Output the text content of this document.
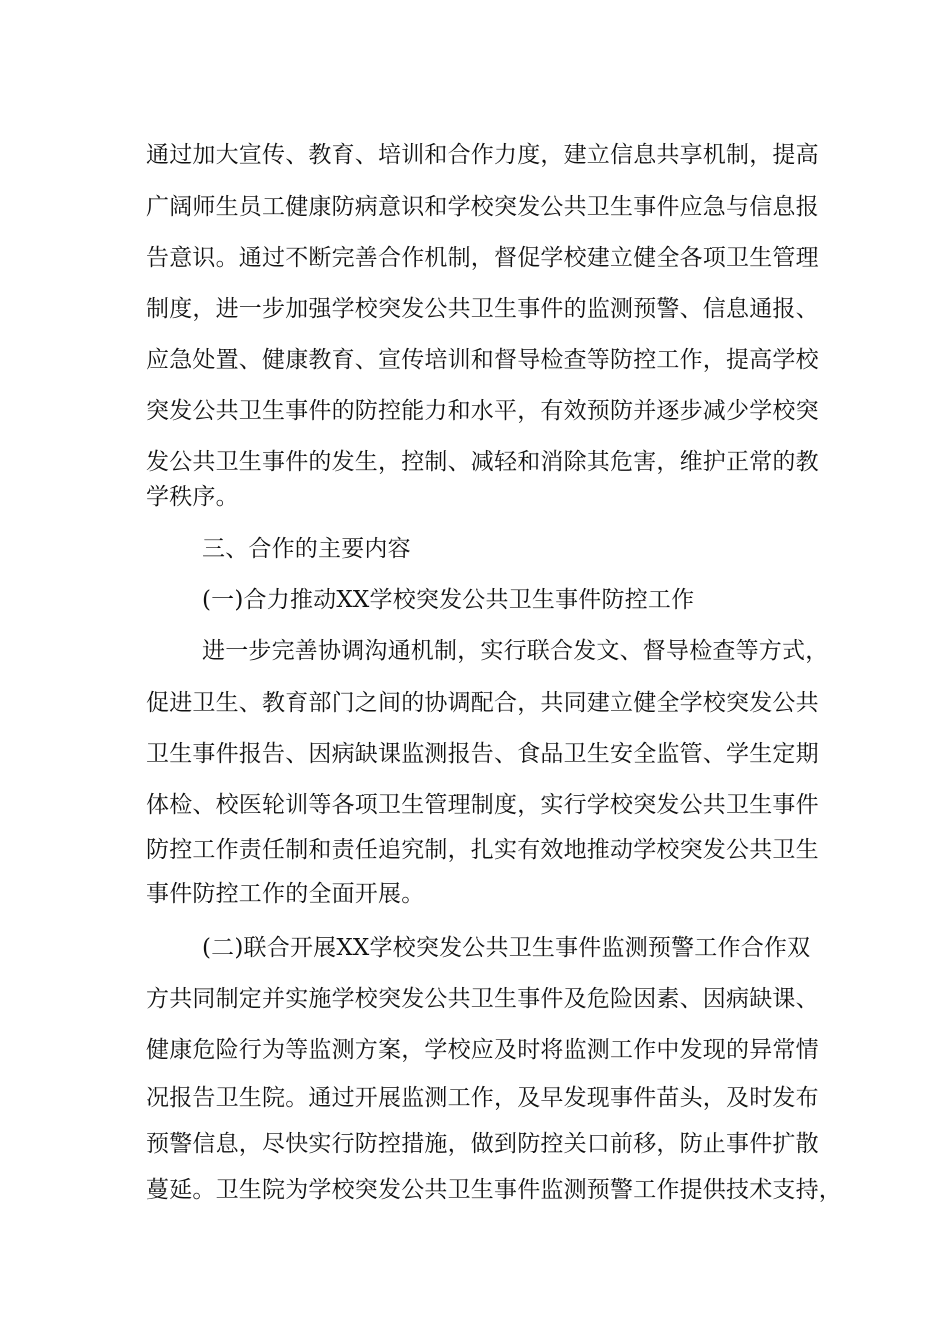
通过加大宣传、教育、培训和合作力度，建立信息共享机制，提高
广阔师生员工健康防病意识和学校突发公共卫生事件应急与信息报
告意识。通过不断完善合作机制，督促学校建立健全各项卫生管理
制度，进一步加强学校突发公共卫生事件的监测预警、信息通报、
应急处置、健康教育、宣传培训和督导检查等防控工作，提高学校
突发公共卫生事件的防控能力和水平，有效预防并逐步减少学校突
发公共卫生事件的发生，控制、减轻和消除其危害，维护正常的教
学秩序。
三、合作的主要内容
(一)合力推动XX学校突发公共卫生事件防控工作
进一步完善协调沟通机制，实行联合发文、督导检查等方式，
促进卫生、教育部门之间的协调配合，共同建立健全学校突发公共
卫生事件报告、因病缺课监测报告、食品卫生安全监管、学生定期
体检、校医轮训等各项卫生管理制度，实行学校突发公共卫生事件
防控工作责任制和责任追究制，扎实有效地推动学校突发公共卫生
事件防控工作的全面开展。
(二)联合开展XX学校突发公共卫生事件监测预警工作合作双
方共同制定并实施学校突发公共卫生事件及危险因素、因病缺课、
健康危险行为等监测方案，学校应及时将监测工作中发现的异常情
况报告卫生院。通过开展监测工作，及早发现事件苗头，及时发布
预警信息，尽快实行防控措施，做到防控关口前移，防止事件扩散
蔓延。卫生院为学校突发公共卫生事件监测预警工作提供技术支持，
